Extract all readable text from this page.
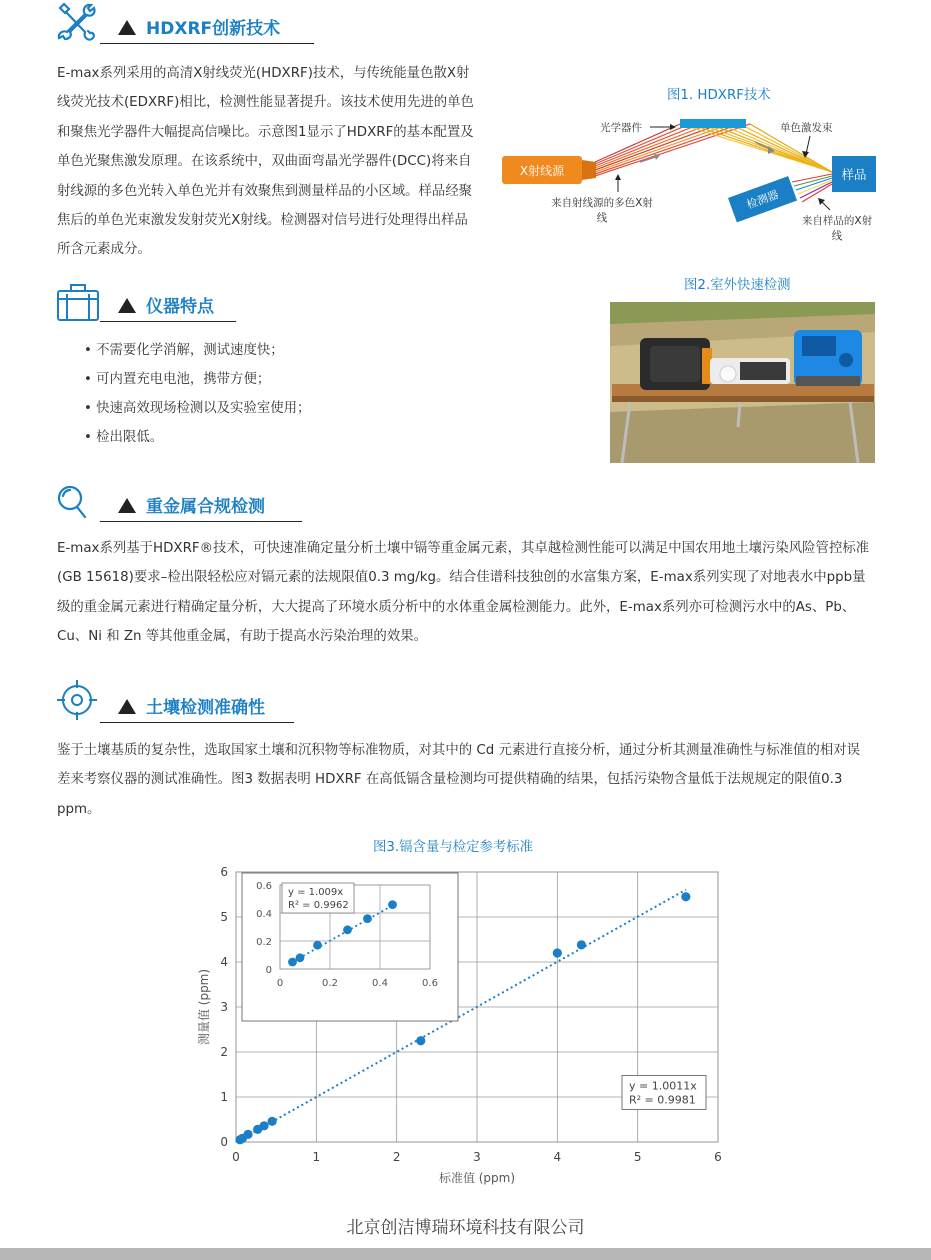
HDXRF创新技术
E-max系列采用的高清X射线荧光(HDXRF)技术，与传统能量色散X射线荧光技术(EDXRF)相比，检测性能显著提升。该技术使用先进的单色和聚焦光学器件大幅提高信噪比。示意图1显示了HDXRF的基本配置及单色光聚焦激发原理。在该系统中，双曲面弯晶光学器件(DCC)将来自射线源的多色光转入单色光并有效聚焦到测量样品的小区域。样品经聚焦后的单色光束激发发射荧光X射线。检测器对信号进行处理得出样品所含元素成分。
图1. HDXRF技术
X射线源	样品
检测器
光学器件	单色激发束
来自射线源的多色X射线	来自样品的X射线
仪器特点
• 不需要化学消解，测试速度快；
• 可内置充电电池，携带方便；
• 快速高效现场检测以及实验室使用；
• 检出限低。
图2.室外快速检测
重金属合规检测
E-max系列基于HDXRF®技术，可快速准确定量分析土壤中镉等重金属元素，其卓越检测性能可以满足中国农用地土壤污染风险管控标准(GB 15618)要求–检出限轻松应对镉元素的法规限值0.3 mg/kg。结合佳谱科技独创的水富集方案，E-max系列实现了对地表水中ppb量级的重金属元素进行精确定量分析，大大提高了环境水质分析中的水体重金属检测能力。此外，E-max系列亦可检测污水中的As、Pb、Cu、Ni 和 Zn 等其他重金属，有助于提高水污染治理的效果。
土壤检测准确性
鉴于土壤基质的复杂性，选取国家土壤和沉积物等标准物质，对其中的 Cd 元素进行直接分析，通过分析其测量准确性与标准值的相对误差来考察仪器的测试准确性。图3 数据表明 HDXRF 在高低镉含量检测均可提供精确的结果，包括污染物含量低于法规规定的限值0.3 ppm。
图3.镉含量与检定参考标准
0	1	2	3	4	5	6
0
1
2
3
4
5
6
标准值 (ppm)
测量值 (ppm)
y = 1.0011x
R² = 0.9981
0	0.2	0.4	0.6
0
0.2
0.4
0.6
y = 1.009x
R² = 0.9962
北京创洁博瑞环境科技有限公司
